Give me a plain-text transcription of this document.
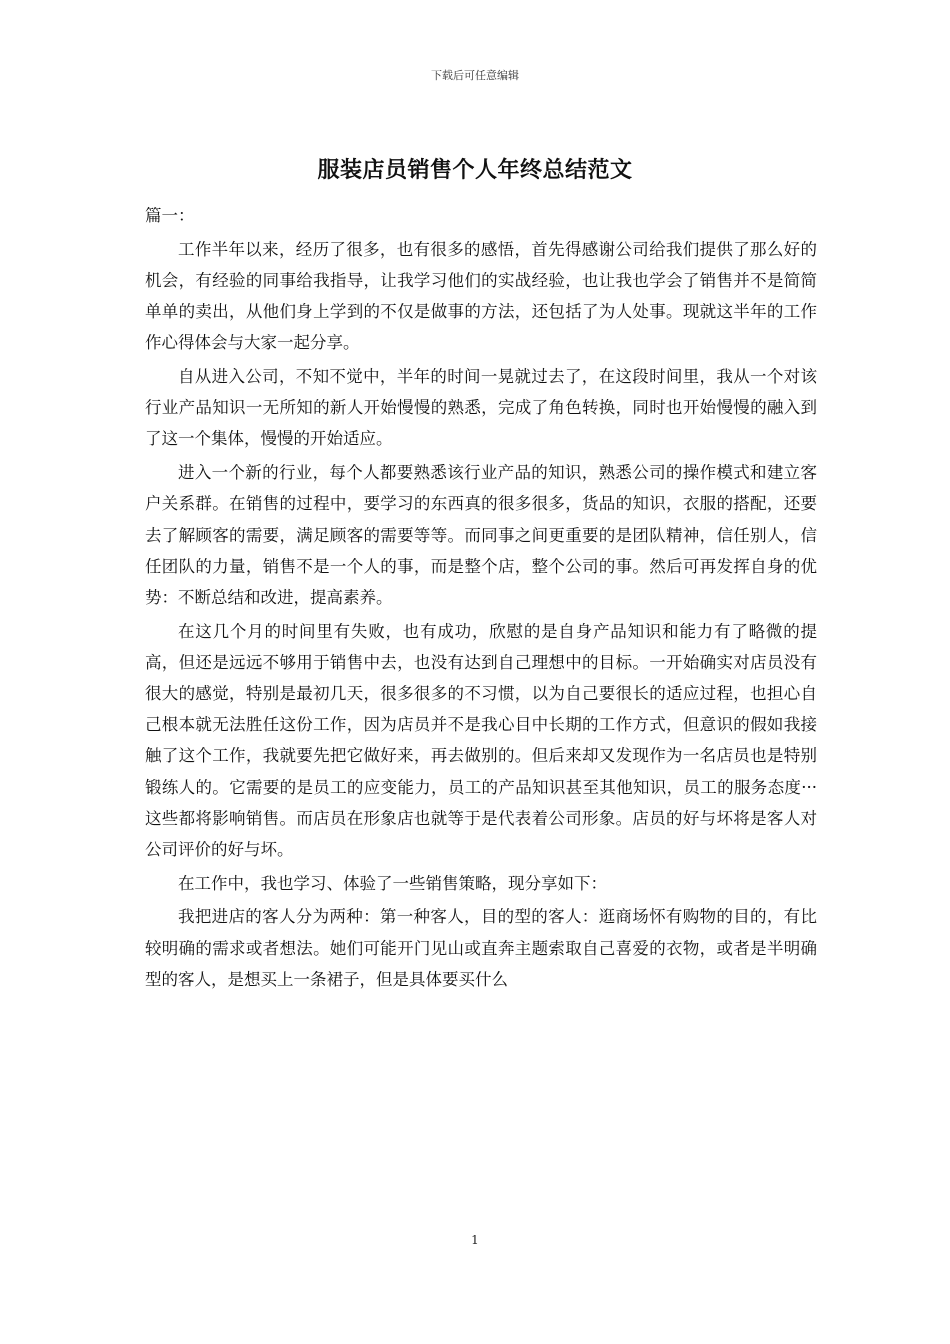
下载后可任意编辑
服装店员销售个人年终总结范文

篇一：

工作半年以来，经历了很多，也有很多的感悟，首先得感谢公司给我们提供了那么好的机会，有经验的同事给我指导，让我学习他们的实战经验，也让我也学会了销售并不是简简单单的卖出，从他们身上学到的不仅是做事的方法，还包括了为人处事。现就这半年的工作作心得体会与大家一起分享。

自从进入公司，不知不觉中，半年的时间一晃就过去了，在这段时间里，我从一个对该行业产品知识一无所知的新人开始慢慢的熟悉，完成了角色转换，同时也开始慢慢的融入到了这一个集体，慢慢的开始适应。

进入一个新的行业，每个人都要熟悉该行业产品的知识，熟悉公司的操作模式和建立客户关系群。在销售的过程中，要学习的东西真的很多很多，货品的知识，衣服的搭配，还要去了解顾客的需要，满足顾客的需要等等。而同事之间更重要的是团队精神，信任别人，信任团队的力量，销售不是一个人的事，而是整个店，整个公司的事。然后可再发挥自身的优势：不断总结和改进，提高素养。

在这几个月的时间里有失败，也有成功，欣慰的是自身产品知识和能力有了略微的提高，但还是远远不够用于销售中去，也没有达到自己理想中的目标。一开始确实对店员没有很大的感觉，特别是最初几天，很多很多的不习惯，以为自己要很长的适应过程，也担心自己根本就无法胜任这份工作，因为店员并不是我心目中长期的工作方式，但意识的假如我接触了这个工作，我就要先把它做好来，再去做别的。但后来却又发现作为一名店员也是特别锻练人的。它需要的是员工的应变能力，员工的产品知识甚至其他知识，员工的服务态度···这些都将影响销售。而店员在形象店也就等于是代表着公司形象。店员的好与坏将是客人对公司评价的好与坏。

在工作中，我也学习、体验了一些销售策略，现分享如下：

我把进店的客人分为两种：第一种客人，目的型的客人：逛商场怀有购物的目的，有比较明确的需求或者想法。她们可能开门见山或直奔主题索取自己喜爱的衣物，或者是半明确型的客人，是想买上一条裙子，但是具体要买什么

1
